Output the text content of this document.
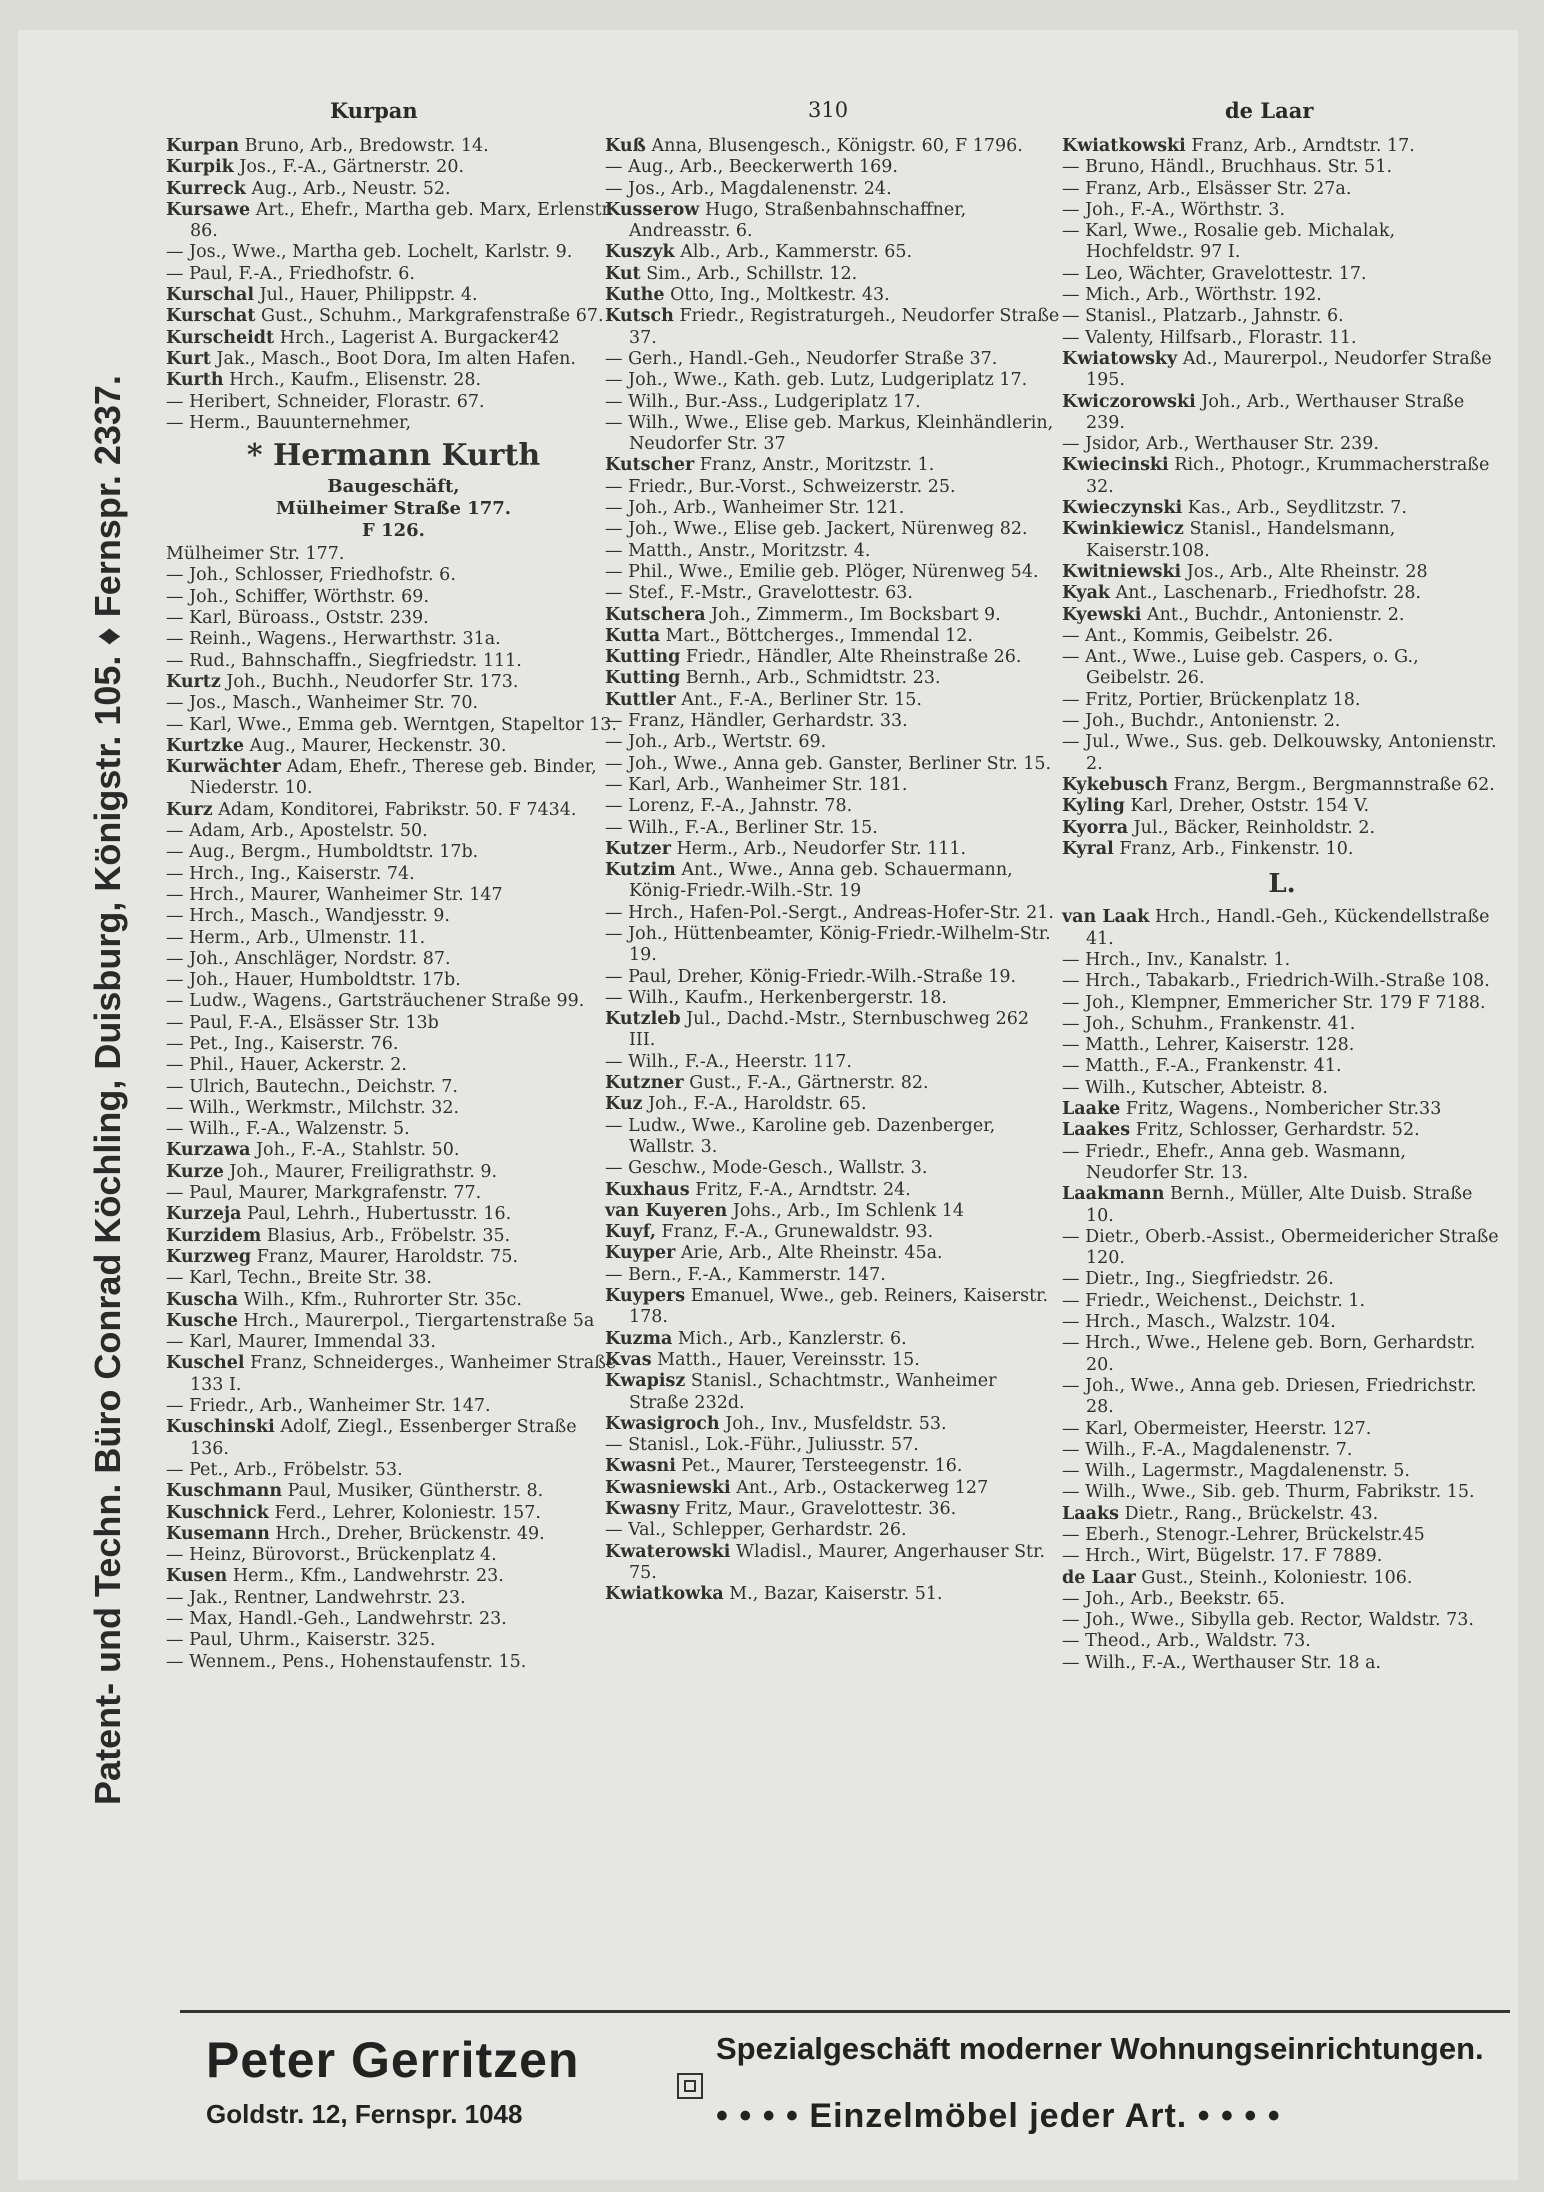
Patent- und Techn. Büro Conrad Köchling, Duisburg, Königstr. 105. ♦ Fernspr. 2337.
Kurpan	310	de Laar
Kurpan Bruno, Arb., Bredowstr. 14.
Kurpik Jos., F.-A., Gärtnerstr. 20.
Kurreck Aug., Arb., Neustr. 52.
Kursawe Art., Ehefr., Martha geb. Marx, Erlenstr. 86.
— Jos., Wwe., Martha geb. Lochelt, Karlstr. 9.
— Paul, F.-A., Friedhofstr. 6.
Kurschal Jul., Hauer, Philippstr. 4.
Kurschat Gust., Schuhm., Markgrafenstraße 67.
Kurscheidt Hrch., Lagerist A. Burgacker42
Kurt Jak., Masch., Boot Dora, Im alten Hafen.
Kurth Hrch., Kaufm., Elisenstr. 28.
— Heribert, Schneider, Florastr. 67.
— Herm., Bauunternehmer,
* Hermann Kurth
Baugeschäft,
Mülheimer Straße 177.
F 126.
Mülheimer Str. 177.
— Joh., Schlosser, Friedhofstr. 6.
— Joh., Schiffer, Wörthstr. 69.
— Karl, Büroass., Oststr. 239.
— Reinh., Wagens., Herwarthstr. 31a.
— Rud., Bahnschaffn., Siegfriedstr. 111.
Kurtz Joh., Buchh., Neudorfer Str. 173.
— Jos., Masch., Wanheimer Str. 70.
— Karl, Wwe., Emma geb. Werntgen, Stapeltor 13.
Kurtzke Aug., Maurer, Heckenstr. 30.
Kurwächter Adam, Ehefr., Therese geb. Binder, Niederstr. 10.
Kurz Adam, Konditorei, Fabrikstr. 50. F 7434.
— Adam, Arb., Apostelstr. 50.
— Aug., Bergm., Humboldtstr. 17b.
— Hrch., Ing., Kaiserstr. 74.
— Hrch., Maurer, Wanheimer Str. 147
— Hrch., Masch., Wandjesstr. 9.
— Herm., Arb., Ulmenstr. 11.
— Joh., Anschläger, Nordstr. 87.
— Joh., Hauer, Humboldtstr. 17b.
— Ludw., Wagens., Gartsträuchener Straße 99.
— Paul, F.-A., Elsässer Str. 13b
— Pet., Ing., Kaiserstr. 76.
— Phil., Hauer, Ackerstr. 2.
— Ulrich, Bautechn., Deichstr. 7.
— Wilh., Werkmstr., Milchstr. 32.
— Wilh., F.-A., Walzenstr. 5.
Kurzawa Joh., F.-A., Stahlstr. 50.
Kurze Joh., Maurer, Freiligrathstr. 9.
— Paul, Maurer, Markgrafenstr. 77.
Kurzeja Paul, Lehrh., Hubertusstr. 16.
Kurzidem Blasius, Arb., Fröbelstr. 35.
Kurzweg Franz, Maurer, Haroldstr. 75.
— Karl, Techn., Breite Str. 38.
Kuscha Wilh., Kfm., Ruhrorter Str. 35c.
Kusche Hrch., Maurerpol., Tiergartenstraße 5a
— Karl, Maurer, Immendal 33.
Kuschel Franz, Schneiderges., Wanheimer Straße 133 I.
— Friedr., Arb., Wanheimer Str. 147.
Kuschinski Adolf, Ziegl., Essenberger Straße 136.
— Pet., Arb., Fröbelstr. 53.
Kuschmann Paul, Musiker, Güntherstr. 8.
Kuschnick Ferd., Lehrer, Koloniestr. 157.
Kusemann Hrch., Dreher, Brückenstr. 49.
— Heinz, Bürovorst., Brückenplatz 4.
Kusen Herm., Kfm., Landwehrstr. 23.
— Jak., Rentner, Landwehrstr. 23.
— Max, Handl.-Geh., Landwehrstr. 23.
— Paul, Uhrm., Kaiserstr. 325.
— Wennem., Pens., Hohenstaufenstr. 15.
Kuß Anna, Blusengesch., Königstr. 60, F 1796.
— Aug., Arb., Beeckerwerth 169.
— Jos., Arb., Magdalenenstr. 24.
Kusserow Hugo, Straßenbahnschaffner, Andreasstr. 6.
Kuszyk Alb., Arb., Kammerstr. 65.
Kut Sim., Arb., Schillstr. 12.
Kuthe Otto, Ing., Moltkestr. 43.
Kutsch Friedr., Registraturgeh., Neudorfer Straße 37.
— Gerh., Handl.-Geh., Neudorfer Straße 37.
— Joh., Wwe., Kath. geb. Lutz, Ludgeriplatz 17.
— Wilh., Bur.-Ass., Ludgeriplatz 17.
— Wilh., Wwe., Elise geb. Markus, Kleinhändlerin, Neudorfer Str. 37
Kutscher Franz, Anstr., Moritzstr. 1.
— Friedr., Bur.-Vorst., Schweizerstr. 25.
— Joh., Arb., Wanheimer Str. 121.
— Joh., Wwe., Elise geb. Jackert, Nürenweg 82.
— Matth., Anstr., Moritzstr. 4.
— Phil., Wwe., Emilie geb. Plöger, Nürenweg 54.
— Stef., F.-Mstr., Gravelottestr. 63.
Kutschera Joh., Zimmerm., Im Bocksbart 9.
Kutta Mart., Böttcherges., Immendal 12.
Kutting Friedr., Händler, Alte Rheinstraße 26.
Kutting Bernh., Arb., Schmidtstr. 23.
Kuttler Ant., F.-A., Berliner Str. 15.
— Franz, Händler, Gerhardstr. 33.
— Joh., Arb., Wertstr. 69.
— Joh., Wwe., Anna geb. Ganster, Berliner Str. 15.
— Karl, Arb., Wanheimer Str. 181.
— Lorenz, F.-A., Jahnstr. 78.
— Wilh., F.-A., Berliner Str. 15.
Kutzer Herm., Arb., Neudorfer Str. 111.
Kutzim Ant., Wwe., Anna geb. Schauermann, König-Friedr.-Wilh.-Str. 19
— Hrch., Hafen-Pol.-Sergt., Andreas-Hofer-Str. 21.
— Joh., Hüttenbeamter, König-Friedr.-Wilhelm-Str. 19.
— Paul, Dreher, König-Friedr.-Wilh.-Straße 19.
— Wilh., Kaufm., Herkenbergerstr. 18.
Kutzleb Jul., Dachd.-Mstr., Sternbuschweg 262 III.
— Wilh., F.-A., Heerstr. 117.
Kutzner Gust., F.-A., Gärtnerstr. 82.
Kuz Joh., F.-A., Haroldstr. 65.
— Ludw., Wwe., Karoline geb. Dazenberger, Wallstr. 3.
— Geschw., Mode-Gesch., Wallstr. 3.
Kuxhaus Fritz, F.-A., Arndtstr. 24.
van Kuyeren Johs., Arb., Im Schlenk 14
Kuyf, Franz, F.-A., Grunewaldstr. 93.
Kuyper Arie, Arb., Alte Rheinstr. 45a.
— Bern., F.-A., Kammerstr. 147.
Kuypers Emanuel, Wwe., geb. Reiners, Kaiserstr. 178.
Kuzma Mich., Arb., Kanzlerstr. 6.
Kvas Matth., Hauer, Vereinsstr. 15.
Kwapisz Stanisl., Schachtmstr., Wanheimer Straße 232d.
Kwasigroch Joh., Inv., Musfeldstr. 53.
— Stanisl., Lok.-Führ., Juliusstr. 57.
Kwasni Pet., Maurer, Tersteegenstr. 16.
Kwasniewski Ant., Arb., Ostackerweg 127
Kwasny Fritz, Maur., Gravelottestr. 36.
— Val., Schlepper, Gerhardstr. 26.
Kwaterowski Wladisl., Maurer, Angerhauser Str. 75.
Kwiatkowka M., Bazar, Kaiserstr. 51.
Kwiatkowski Franz, Arb., Arndtstr. 17.
— Bruno, Händl., Bruchhaus. Str. 51.
— Franz, Arb., Elsässer Str. 27a.
— Joh., F.-A., Wörthstr. 3.
— Karl, Wwe., Rosalie geb. Michalak, Hochfeldstr. 97 I.
— Leo, Wächter, Gravelottestr. 17.
— Mich., Arb., Wörthstr. 192.
— Stanisl., Platzarb., Jahnstr. 6.
— Valenty, Hilfsarb., Florastr. 11.
Kwiatowsky Ad., Maurerpol., Neudorfer Straße 195.
Kwiczorowski Joh., Arb., Werthauser Straße 239.
— Jsidor, Arb., Werthauser Str. 239.
Kwiecinski Rich., Photogr., Krummacherstraße 32.
Kwieczynski Kas., Arb., Seydlitzstr. 7.
Kwinkiewicz Stanisl., Handelsmann, Kaiserstr.108.
Kwitniewski Jos., Arb., Alte Rheinstr. 28
Kyak Ant., Laschenarb., Friedhofstr. 28.
Kyewski Ant., Buchdr., Antonienstr. 2.
— Ant., Kommis, Geibelstr. 26.
— Ant., Wwe., Luise geb. Caspers, o. G., Geibelstr. 26.
— Fritz, Portier, Brückenplatz 18.
— Joh., Buchdr., Antonienstr. 2.
— Jul., Wwe., Sus. geb. Delkouwsky, Antonienstr. 2.
Kykebusch Franz, Bergm., Bergmannstraße 62.
Kyling Karl, Dreher, Oststr. 154 V.
Kyorra Jul., Bäcker, Reinholdstr. 2.
Kyral Franz, Arb., Finkenstr. 10.
L.
van Laak Hrch., Handl.-Geh., Kückendellstraße 41.
— Hrch., Inv., Kanalstr. 1.
— Hrch., Tabakarb., Friedrich-Wilh.-Straße 108.
— Joh., Klempner, Emmericher Str. 179 F 7188.
— Joh., Schuhm., Frankenstr. 41.
— Matth., Lehrer, Kaiserstr. 128.
— Matth., F.-A., Frankenstr. 41.
— Wilh., Kutscher, Abteistr. 8.
Laake Fritz, Wagens., Nombericher Str.33
Laakes Fritz, Schlosser, Gerhardstr. 52.
— Friedr., Ehefr., Anna geb. Wasmann, Neudorfer Str. 13.
Laakmann Bernh., Müller, Alte Duisb. Straße 10.
— Dietr., Oberb.-Assist., Obermeidericher Straße 120.
— Dietr., Ing., Siegfriedstr. 26.
— Friedr., Weichenst., Deichstr. 1.
— Hrch., Masch., Walzstr. 104.
— Hrch., Wwe., Helene geb. Born, Gerhardstr. 20.
— Joh., Wwe., Anna geb. Driesen, Friedrichstr. 28.
— Karl, Obermeister, Heerstr. 127.
— Wilh., F.-A., Magdalenenstr. 7.
— Wilh., Lagermstr., Magdalenenstr. 5.
— Wilh., Wwe., Sib. geb. Thurm, Fabrikstr. 15.
Laaks Dietr., Rang., Brückelstr. 43.
— Eberh., Stenogr.-Lehrer, Brückelstr.45
— Hrch., Wirt, Bügelstr. 17. F 7889.
de Laar Gust., Steinh., Koloniestr. 106.
— Joh., Arb., Beekstr. 65.
— Joh., Wwe., Sibylla geb. Rector, Waldstr. 73.
— Theod., Arb., Waldstr. 73.
— Wilh., F.-A., Werthauser Str. 18 a.
Peter Gerritzen
Goldstr. 12, Fernspr. 1048
Spezialgeschäft moderner Wohnungseinrichtungen.
• • • • Einzelmöbel jeder Art. • • • •
